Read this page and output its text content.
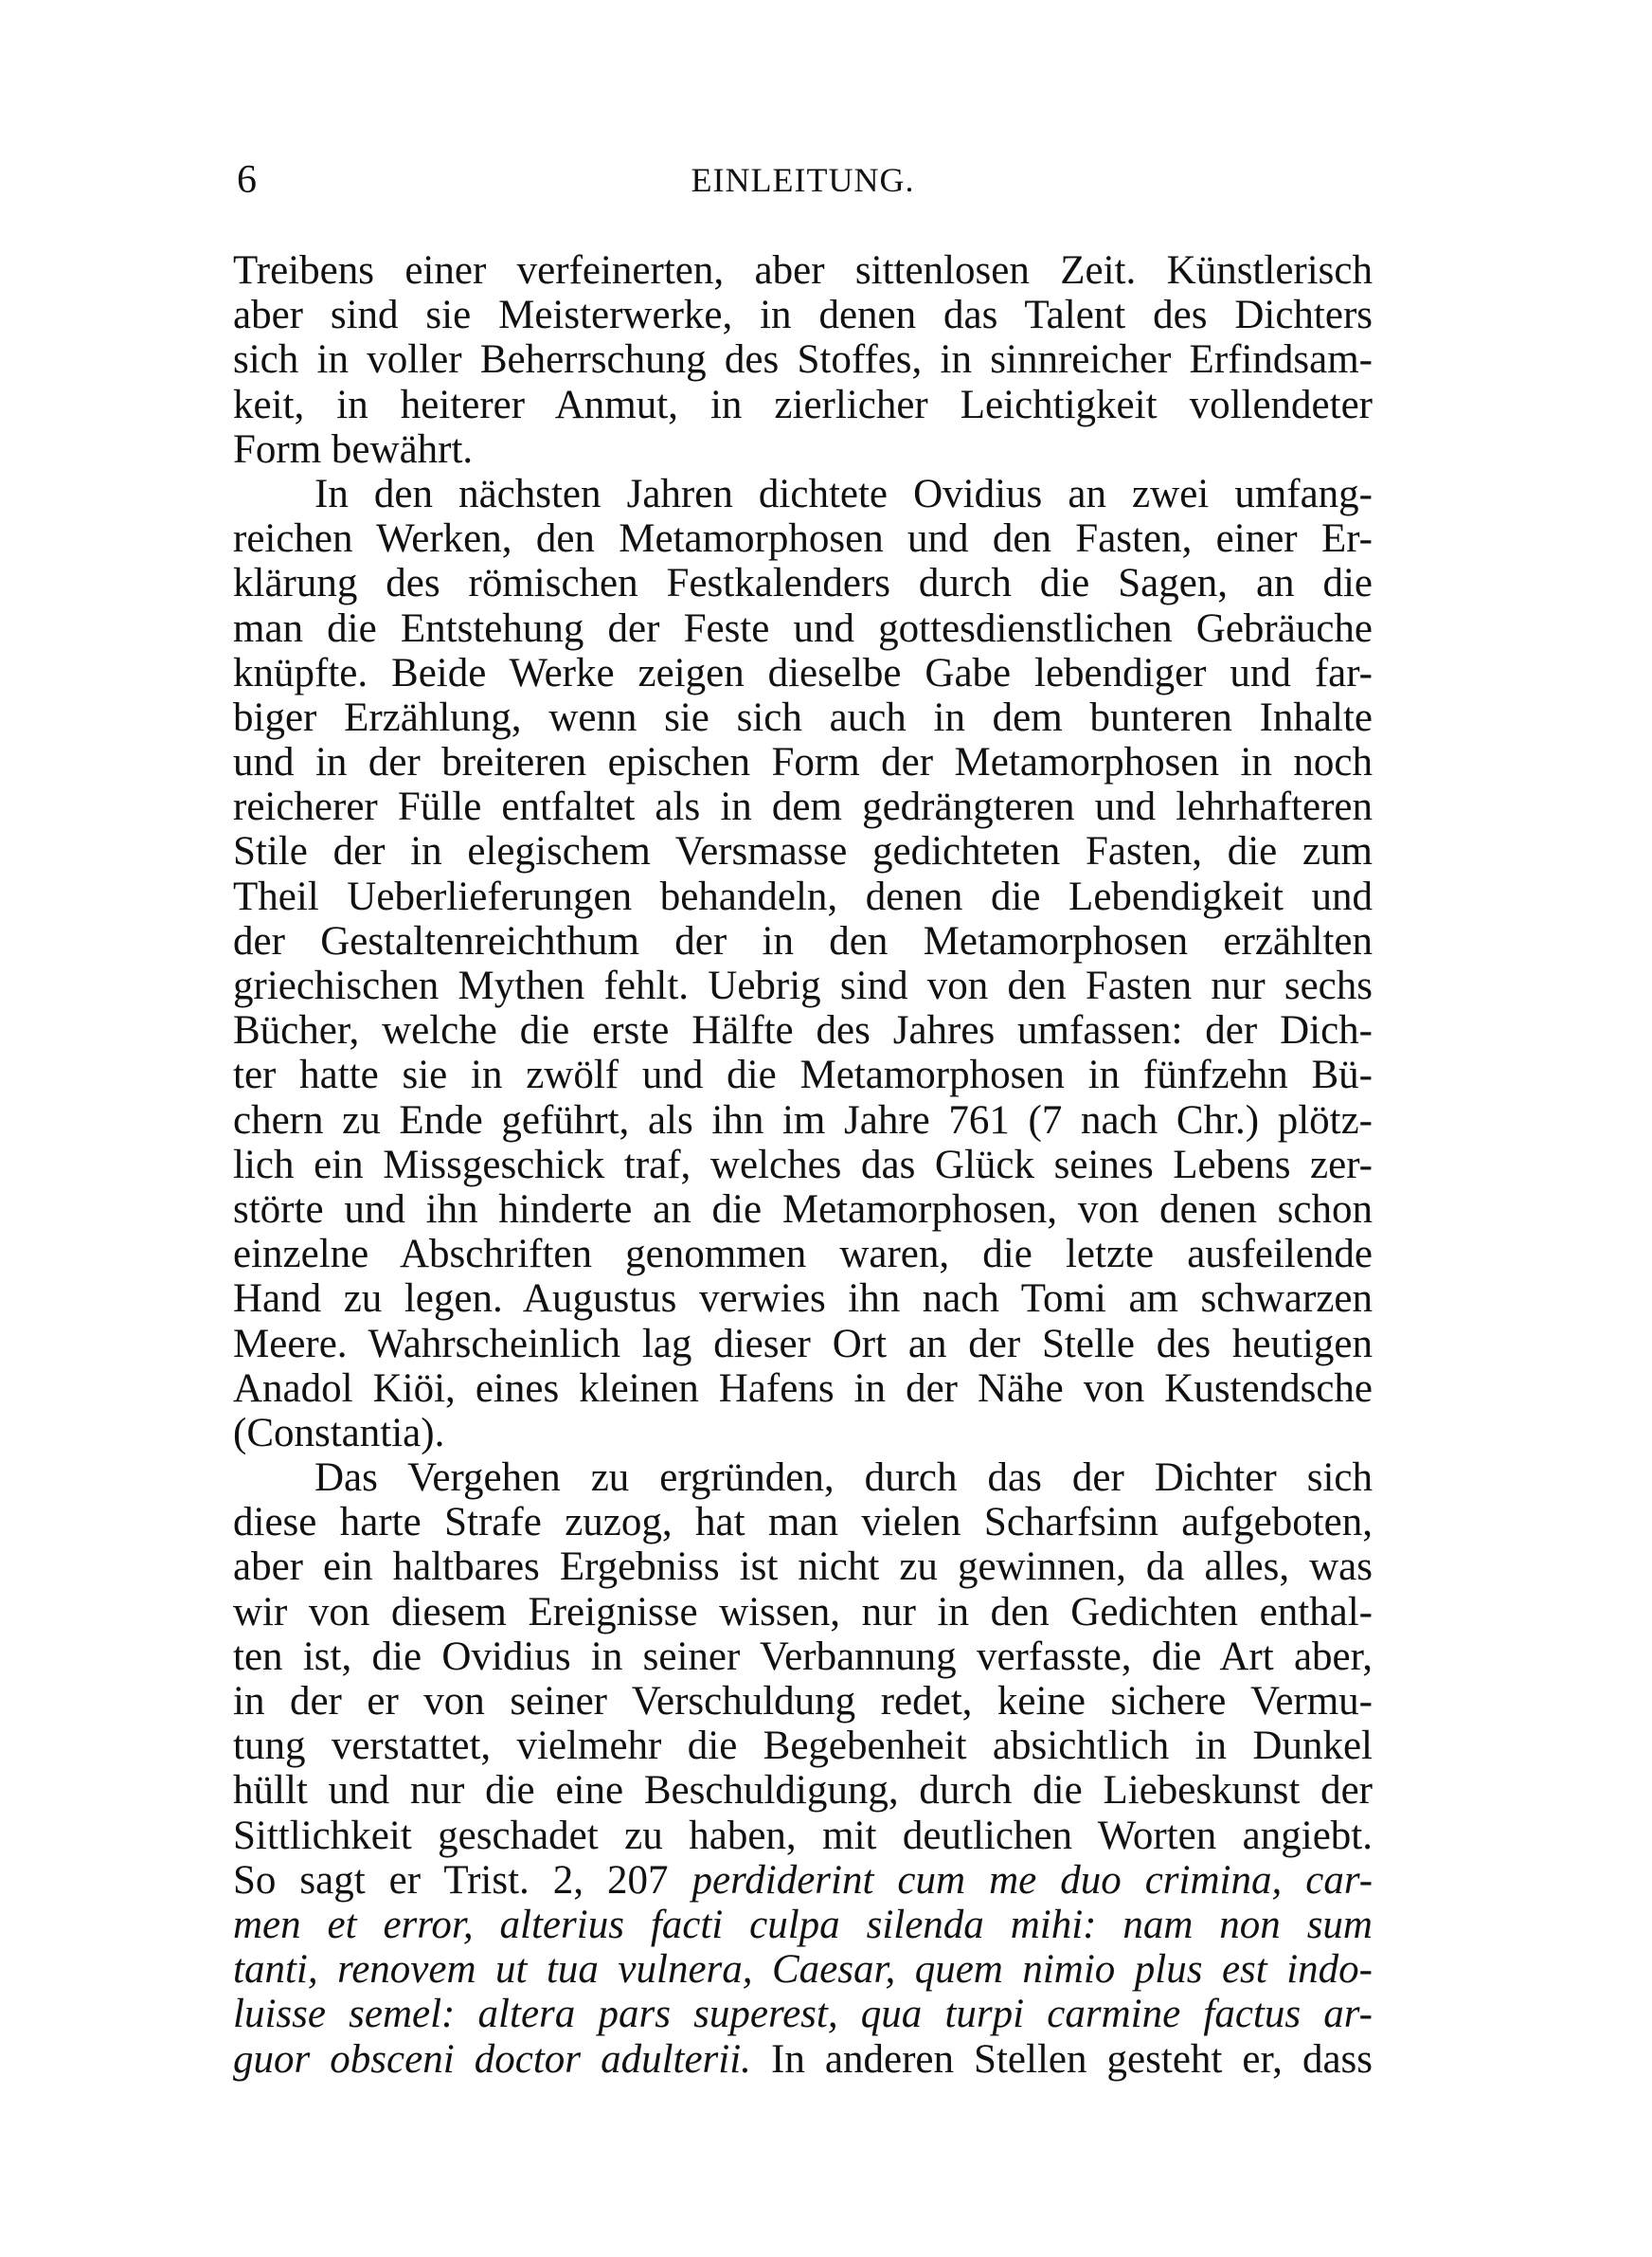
6	EINLEITUNG.
Treibens einer verfeinerten, aber sittenlosen Zeit. Künstlerisch
aber sind sie Meisterwerke, in denen das Talent des Dichters
sich in voller Beherrschung des Stoffes, in sinnreicher Erfindsam-
keit, in heiterer Anmut, in zierlicher Leichtigkeit vollendeter
Form bewährt.
In den nächsten Jahren dichtete Ovidius an zwei umfang-
reichen Werken, den Metamorphosen und den Fasten, einer Er-
klärung des römischen Festkalenders durch die Sagen, an die
man die Entstehung der Feste und gottesdienstlichen Gebräuche
knüpfte. Beide Werke zeigen dieselbe Gabe lebendiger und far-
biger Erzählung, wenn sie sich auch in dem bunteren Inhalte
und in der breiteren epischen Form der Metamorphosen in noch
reicherer Fülle entfaltet als in dem gedrängteren und lehrhafteren
Stile der in elegischem Versmasse gedichteten Fasten, die zum
Theil Ueberlieferungen behandeln, denen die Lebendigkeit und
der Gestaltenreichthum der in den Metamorphosen erzählten
griechischen Mythen fehlt. Uebrig sind von den Fasten nur sechs
Bücher, welche die erste Hälfte des Jahres umfassen: der Dich-
ter hatte sie in zwölf und die Metamorphosen in fünfzehn Bü-
chern zu Ende geführt, als ihn im Jahre 761 (7 nach Chr.) plötz-
lich ein Missgeschick traf, welches das Glück seines Lebens zer-
störte und ihn hinderte an die Metamorphosen, von denen schon
einzelne Abschriften genommen waren, die letzte ausfeilende
Hand zu legen. Augustus verwies ihn nach Tomi am schwarzen
Meere. Wahrscheinlich lag dieser Ort an der Stelle des heutigen
Anadol Kiöi, eines kleinen Hafens in der Nähe von Kustendsche
(Constantia).
Das Vergehen zu ergründen, durch das der Dichter sich
diese harte Strafe zuzog, hat man vielen Scharfsinn aufgeboten,
aber ein haltbares Ergebniss ist nicht zu gewinnen, da alles, was
wir von diesem Ereignisse wissen, nur in den Gedichten enthal-
ten ist, die Ovidius in seiner Verbannung verfasste, die Art aber,
in der er von seiner Verschuldung redet, keine sichere Vermu-
tung verstattet, vielmehr die Begebenheit absichtlich in Dunkel
hüllt und nur die eine Beschuldigung, durch die Liebeskunst der
Sittlichkeit geschadet zu haben, mit deutlichen Worten angiebt.
So sagt er Trist. 2, 207 perdiderint cum me duo crimina, car-
men et error, alterius facti culpa silenda mihi: nam non sum
tanti, renovem ut tua vulnera, Caesar, quem nimio plus est indo-
luisse semel: altera pars superest, qua turpi carmine factus ar-
guor obsceni doctor adulterii. In anderen Stellen gesteht er, dass
